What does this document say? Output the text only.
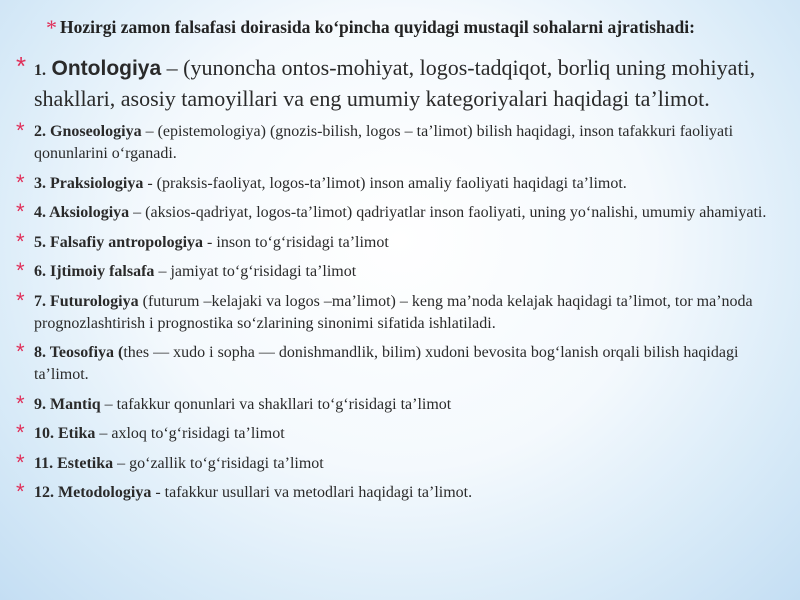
* Hozirgi zamon falsafasi doirasida ko‘pincha quyidagi mustaqil sohalarni ajratishadi:
* 1. Ontologiya – (yunoncha ontos-mohiyat, logos-tadqiqot, borliq uning mohiyati, shakllari, asosiy tamoyillari va eng umumiy kategoriyalari haqidagi ta’limot.
* 2. Gnoseologiya – (epistemologiya) (gnozis-bilish, logos – ta’limot) bilish haqidagi, inson tafakkuri faoliyati qonunlarini o‘rganadi.
* 3. Praksiologiya - (praksis-faoliyat, logos-ta’limot) inson amaliy faoliyati haqidagi ta’limot.
* 4. Aksiologiya – (aksios-qadriyat, logos-ta’limot) qadriyatlar inson faoliyati, uning yo‘nalishi, umumiy ahamiyati.
* 5. Falsafiy antropologiya - inson to‘g‘risidagi ta’limot
* 6. Ijtimoiy falsafa – jamiyat to‘g‘risidagi ta’limot
* 7. Futurologiya (futurum –kelajaki va logos –ma’limot) – keng ma’noda kelajak haqidagi ta’limot, tor ma’noda prognozlashtirish i prognostika so‘zlarining sinonimi sifatida ishlatiladi.
* 8. Teosofiya (thes — xudo i sopha — donishmandlik, bilim) xudoni bevosita bog‘lanish orqali bilish haqidagi ta’limot.
* 9. Mantiq – tafakkur qonunlari va shakllari to‘g‘risidagi ta’limot
* 10. Etika – axloq to‘g‘risidagi ta’limot
* 11. Estetika – go‘zallik to‘g‘risidagi ta’limot
* 12. Metodologiya - tafakkur usullari va metodlari haqidagi ta’limot.
